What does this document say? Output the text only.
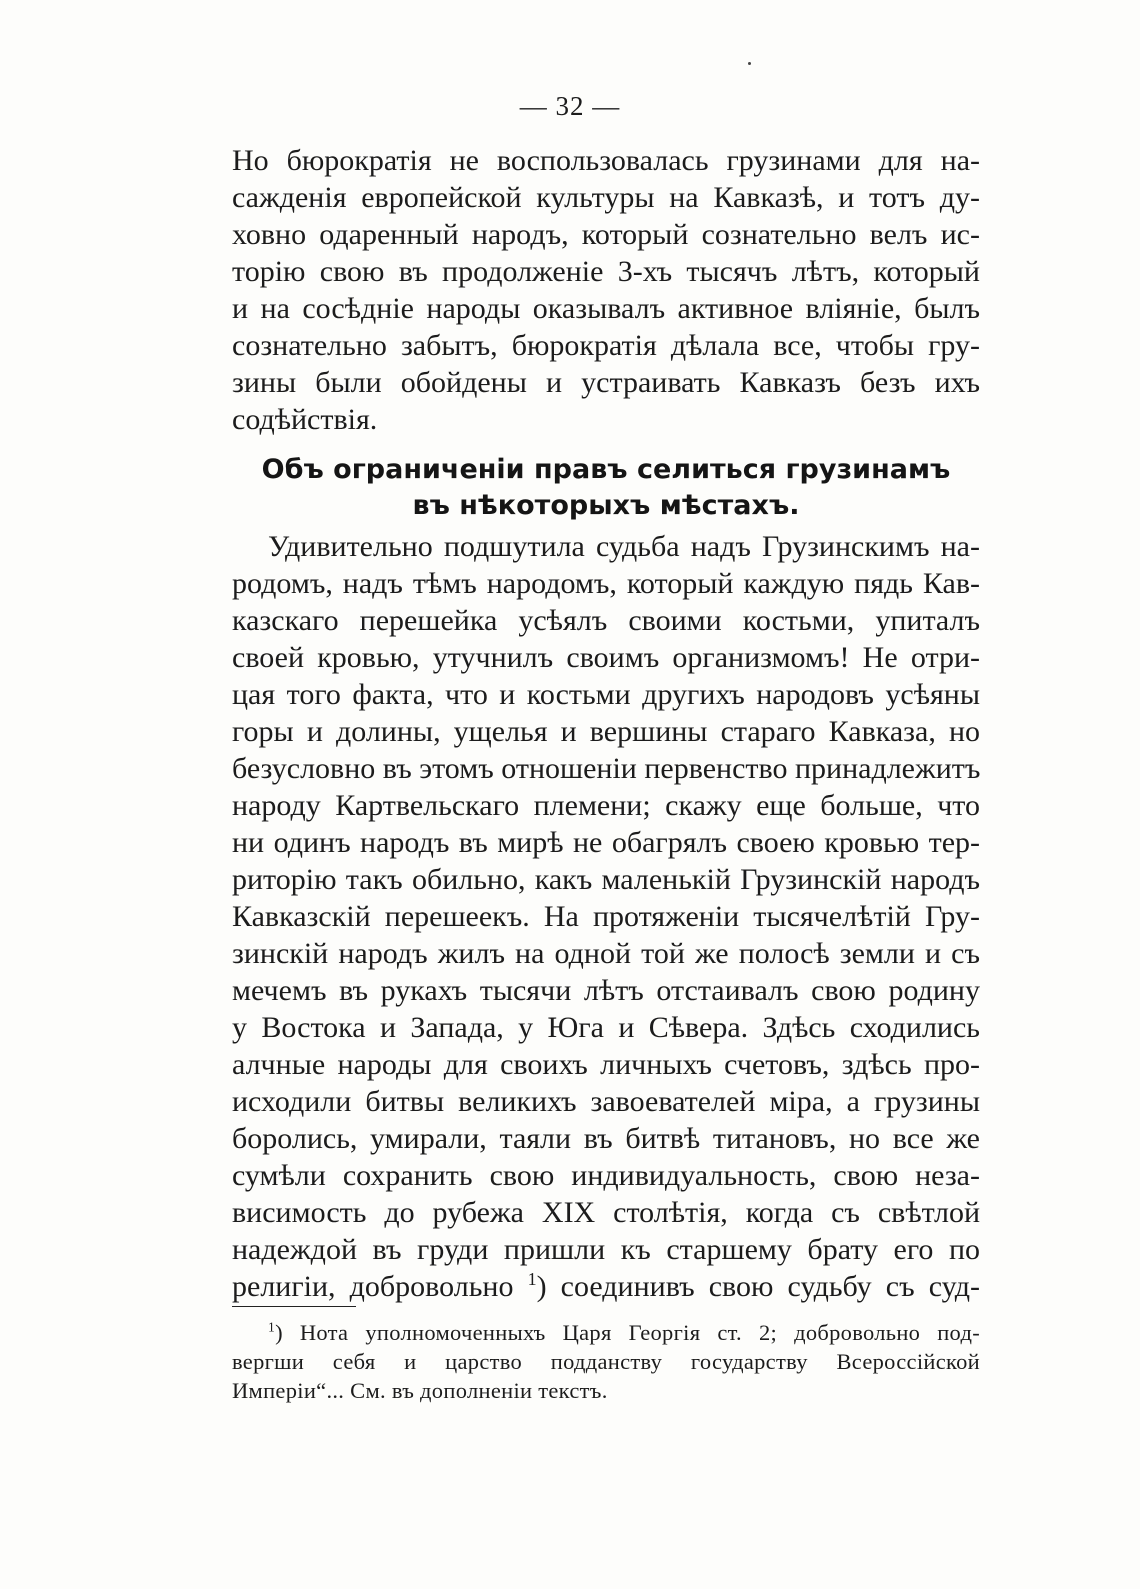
— 32 —
Но бюрократія не воспользовалась грузинами для на-
сажденія европейской культуры на Кавказѣ, и тотъ ду-
ховно одаренный народъ, который сознательно велъ ис-
торію свою въ продолженіе 3-хъ тысячъ лѣтъ, который
и на сосѣдніе народы оказывалъ активное вліяніе, былъ
сознательно забытъ, бюрократія дѣлала все, чтобы гру-
зины были обойдены и устраивать Кавказъ безъ ихъ
содѣйствія.
Объ ограниченіи правъ селиться грузинамъ
въ нѣкоторыхъ мѣстахъ.
Удивительно подшутила судьба надъ Грузинскимъ на-
родомъ, надъ тѣмъ народомъ, который каждую пядь Кав-
казскаго перешейка усѣялъ своими костьми, упиталъ
своей кровью, утучнилъ своимъ организмомъ! Не отри-
цая того факта, что и костьми другихъ народовъ усѣяны
горы и долины, ущелья и вершины стараго Кавказа, но
безусловно въ этомъ отношеніи первенство принадлежитъ
народу Картвельскаго племени; скажу еще больше, что
ни одинъ народъ въ мирѣ не обагрялъ своею кровью тер-
риторію такъ обильно, какъ маленькій Грузинскій народъ
Кавказскій перешеекъ. На протяженіи тысячелѣтій Гру-
зинскій народъ жилъ на одной той же полосѣ земли и съ
мечемъ въ рукахъ тысячи лѣтъ отстаивалъ свою родину
у Востока и Запада, у Юга и Сѣвера. Здѣсь сходились
алчные народы для своихъ личныхъ счетовъ, здѣсь про-
исходили битвы великихъ завоевателей міра, а грузины
боролись, умирали, таяли въ битвѣ титановъ, но все же
сумѣли сохранить свою индивидуальность, свою неза-
висимость до рубежа XIX столѣтія, когда съ свѣтлой
надеждой въ груди пришли къ старшему брату его по
религіи, добровольно $^1$) соединивъ свою судьбу съ суд-
$^1$) Нота уполномоченныхъ Царя Георгія ст. 2; добровольно под-
вергши себя и царство подданству государству Всероссійской
Имперіи“... См. въ дополненіи текстъ.
